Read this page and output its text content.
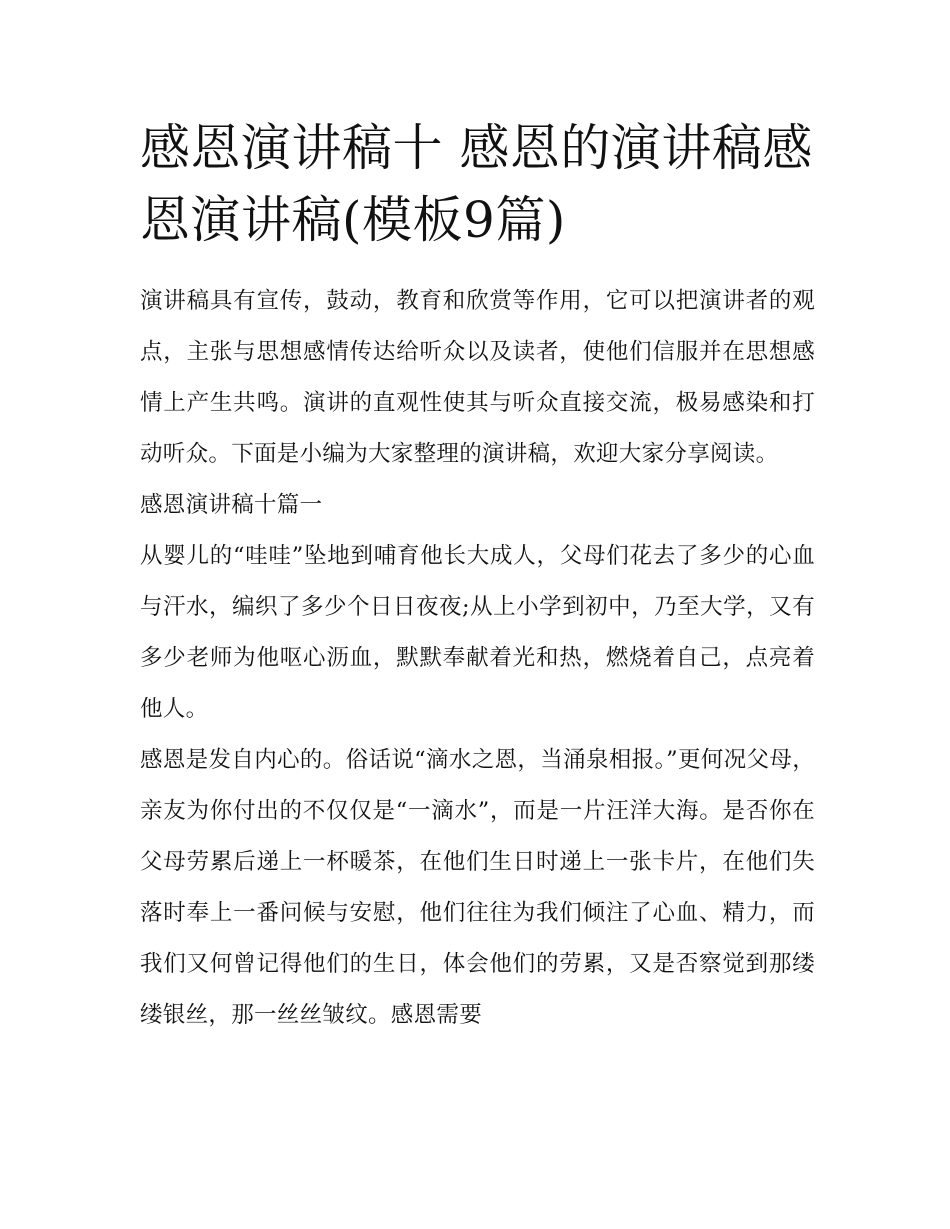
感恩演讲稿十 感恩的演讲稿感恩演讲稿(模板9篇)

演讲稿具有宣传，鼓动，教育和欣赏等作用，它可以把演讲者的观点，主张与思想感情传达给听众以及读者，使他们信服并在思想感情上产生共鸣。演讲的直观性使其与听众直接交流，极易感染和打动听众。下面是小编为大家整理的演讲稿，欢迎大家分享阅读。

感恩演讲稿十篇一

从婴儿的“哇哇”坠地到哺育他长大成人，父母们花去了多少的心血与汗水，编织了多少个日日夜夜;从上小学到初中，乃至大学，又有多少老师为他呕心沥血，默默奉献着光和热，燃烧着自己，点亮着他人。

感恩是发自内心的。俗话说“滴水之恩，当涌泉相报。”更何况父母，亲友为你付出的不仅仅是“一滴水”，而是一片汪洋大海。是否你在父母劳累后递上一杯暖茶，在他们生日时递上一张卡片，在他们失落时奉上一番问候与安慰，他们往往为我们倾注了心血、精力，而我们又何曾记得他们的生日，体会他们的劳累，又是否察觉到那缕缕银丝，那一丝丝皱纹。感恩需要
